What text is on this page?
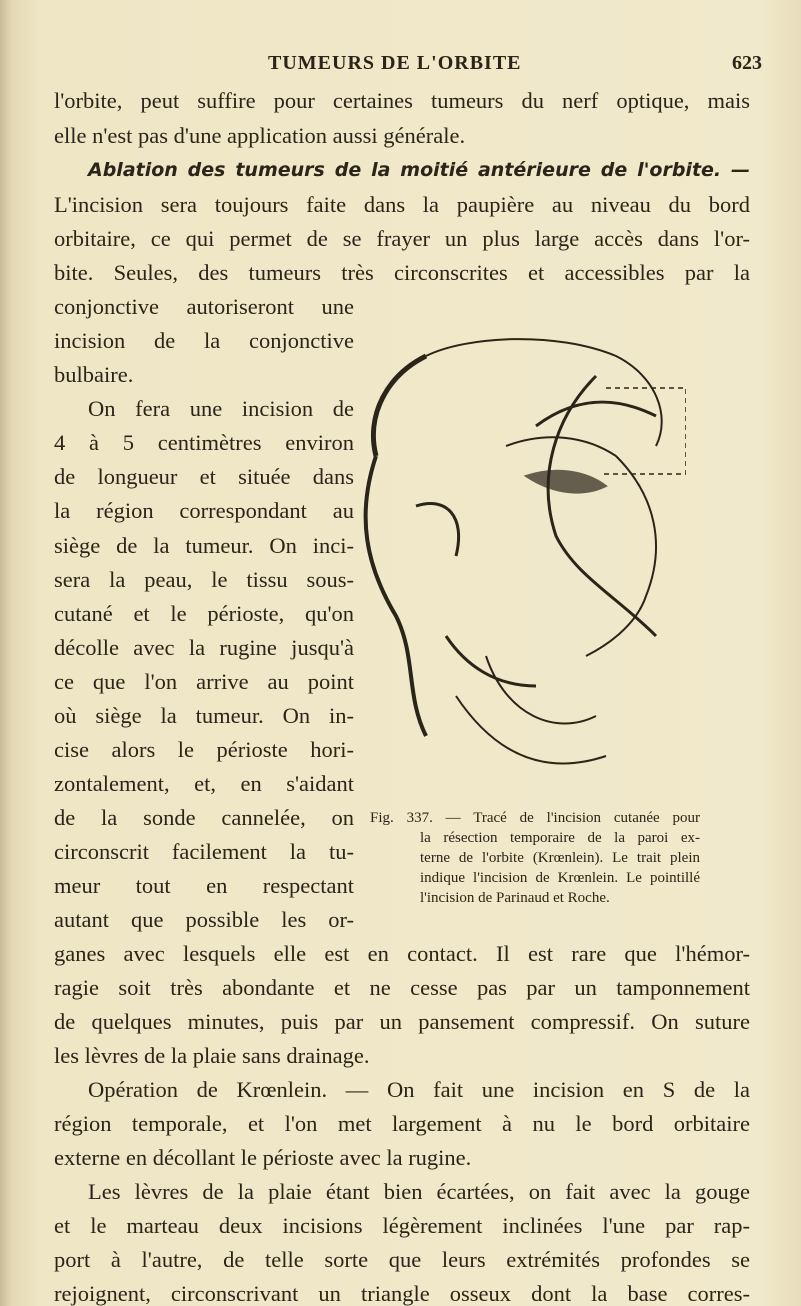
TUMEURS DE L'ORBITE	623
l'orbite, peut suffire pour certaines tumeurs du nerf optique, mais
elle n'est pas d'une application aussi générale.
Ablation des tumeurs de la moitié antérieure de l'orbite. —
L'incision sera toujours faite dans la paupière au niveau du bord
orbitaire, ce qui permet de se frayer un plus large accès dans l'or-
bite. Seules, des tumeurs très circonscrites et accessibles par la
conjonctive autoriseront une
incision de la conjonctive
bulbaire.
On fera une incision de
4 à 5 centimètres environ
de longueur et située dans
la région correspondant au
siège de la tumeur. On inci-
sera la peau, le tissu sous-
cutané et le périoste, qu'on
décolle avec la rugine jusqu'à
ce que l'on arrive au point
où siège la tumeur. On in-
cise alors le périoste hori-
zontalement, et, en s'aidant
de la sonde cannelée, on
circonscrit facilement la tu-
meur tout en respectant
autant que possible les or-
ganes avec lesquels elle est en contact. Il est rare que l'hémor-
ragie soit très abondante et ne cesse pas par un tamponnement
de quelques minutes, puis par un pansement compressif. On suture
les lèvres de la plaie sans drainage.
Opération de Krœnlein. — On fait une incision en S de la
région temporale, et l'on met largement à nu le bord orbitaire
externe en décollant le périoste avec la rugine.
Les lèvres de la plaie étant bien écartées, on fait avec la gouge
et le marteau deux incisions légèrement inclinées l'une par rap-
port à l'autre, de telle sorte que leurs extrémités profondes se
rejoignent, circonscrivant un triangle osseux dont la base corres-
Fig. 337. — Tracé de l'incision cutanée pour
la résection temporaire de la paroi ex-
terne de l'orbite (Krœnlein). Le trait plein
indique l'incision de Krœnlein. Le pointillé
l'incision de Parinaud et Roche.
